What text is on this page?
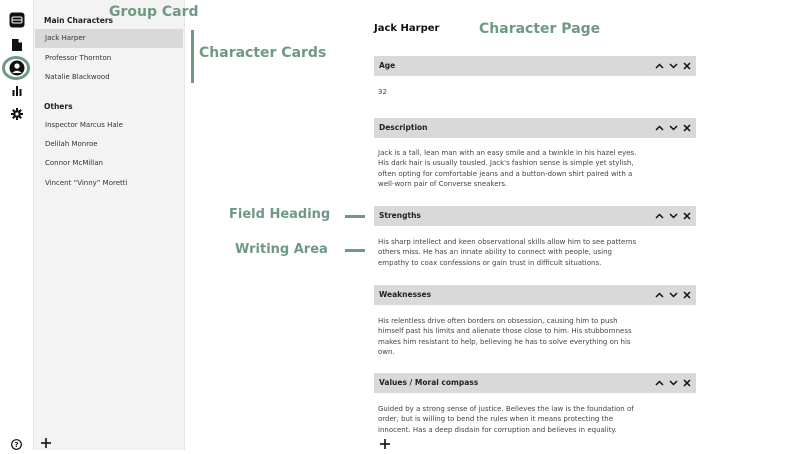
?
Main Characters
Jack Harper
Professor Thornton
Natalie Blackwood
Others
Inspector Marcus Hale
Delilah Monroe
Connor McMillan
Vincent “Vinny” Moretti
Group Card
Character Cards
Character Page
Field Heading
Writing Area
Jack Harper
Age
32
Description
Jack is a tall, lean man with an easy smile and a twinkle in his hazel eyes.
His dark hair is usually tousled. Jack's fashion sense is simple yet stylish,
often opting for comfortable jeans and a button-down shirt paired with a
well-worn pair of Converse sneakers.
Strengths
His sharp intellect and keen observational skills allow him to see patterns
others miss. He has an innate ability to connect with people, using
empathy to coax confessions or gain trust in difficult situations.
Weaknesses
His relentless drive often borders on obsession, causing him to push
himself past his limits and alienate those close to him. His stubbornness
makes him resistant to help, believing he has to solve everything on his
own.
Values / Moral compass
Guided by a strong sense of justice. Believes the law is the foundation of
order, but is willing to bend the rules when it means protecting the
innocent. Has a deep disdain for corruption and believes in equality.
